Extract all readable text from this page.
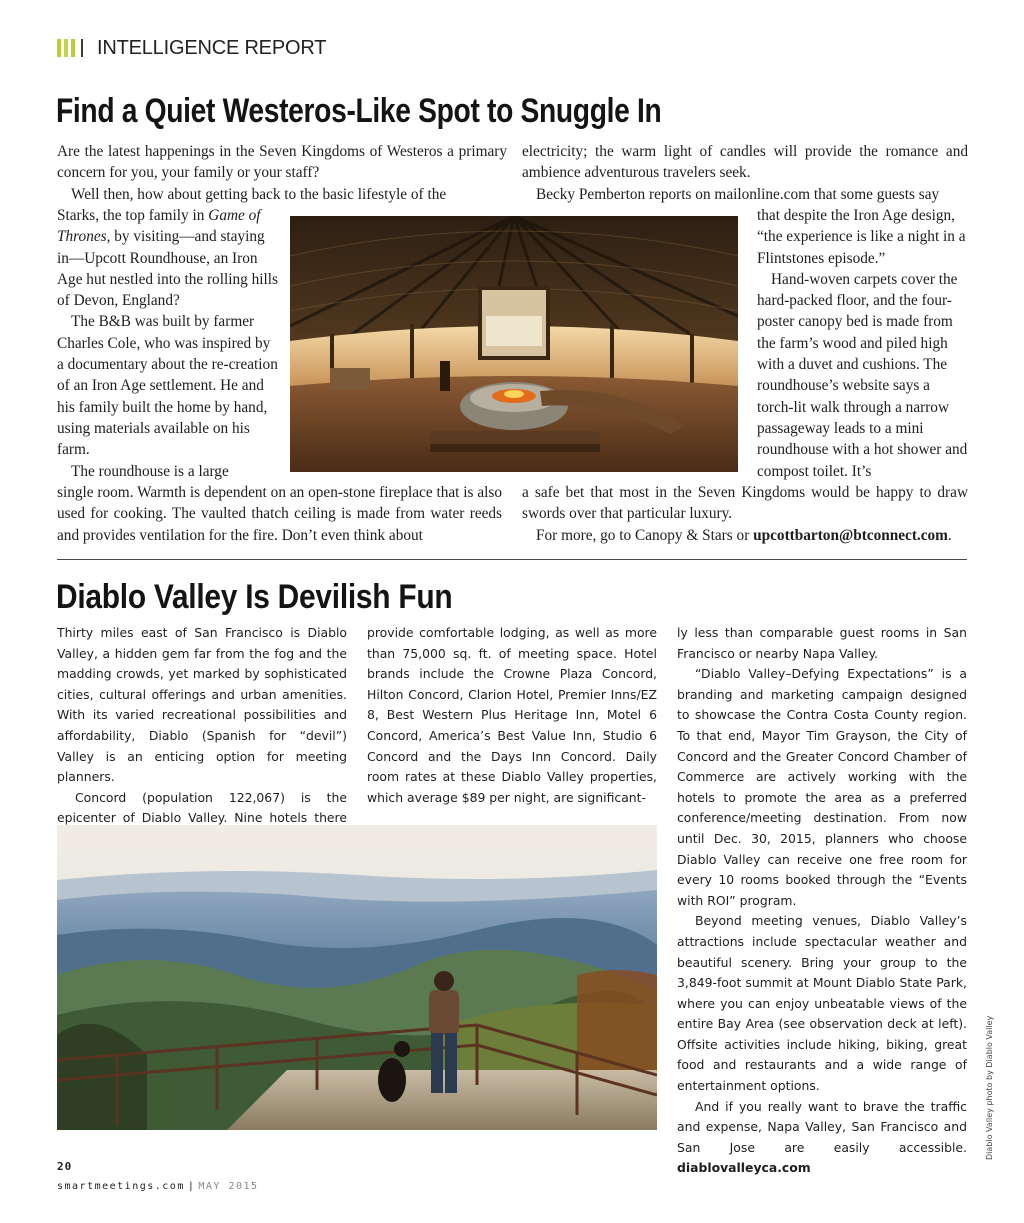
INTELLIGENCE REPORT
Find a Quiet Westeros-Like Spot to Snuggle In

Are the latest happenings in the Seven Kingdoms of Westeros a primary concern for you, your family or your staff?

Well then, how about getting back to the basic lifestyle of the

Starks, the top family in Game of Thrones, by visiting—and staying in—Upcott Roundhouse, an Iron Age hut nestled into the rolling hills of Devon, England?

The B&B was built by farmer Charles Cole, who was inspired by a documentary about the re-creation of an Iron Age settlement. He and his family built the home by hand, using materials available on his farm.

The roundhouse is a large

single room. Warmth is dependent on an open-stone fireplace that is also used for cooking. The vaulted thatch ceiling is made from water reeds and provides ventilation for the fire. Don’t even think about

electricity; the warm light of candles will provide the romance and ambience adventurous travelers seek.

Becky Pemberton reports on mailonline.com that some guests say

that despite the Iron Age design, “the experience is like a night in a Flintstones episode.”

Hand-woven carpets cover the hard-packed floor, and the four-poster canopy bed is made from the farm’s wood and piled high with a duvet and cushions. The roundhouse’s website says a torch-lit walk through a narrow passageway leads to a mini roundhouse with a hot shower and compost toilet. It’s

a safe bet that most in the Seven Kingdoms would be happy to draw swords over that particular luxury.

For more, go to Canopy & Stars or upcottbarton@btconnect.com.

Diablo Valley Is Devilish Fun

Thirty miles east of San Francisco is Diablo Valley, a hidden gem far from the fog and the madding crowds, yet marked by sophisticated cities, cultural offerings and urban amenities. With its varied recreational possibilities and affordability, Diablo (Spanish for “devil”) Valley is an enticing option for meeting planners.

Concord (population 122,067) is the epicenter of Diablo Valley. Nine hotels there

provide comfortable lodging, as well as more than 75,000 sq. ft. of meeting space. Hotel brands include the Crowne Plaza Concord, Hilton Concord, Clarion Hotel, Premier Inns/EZ 8, Best Western Plus Heritage Inn, Motel 6 Concord, America’s Best Value Inn, Studio 6 Concord and the Days Inn Concord. Daily room rates at these Diablo Valley properties, which average $89 per night, are significant-

ly less than comparable guest rooms in San Francisco or nearby Napa Valley.

“Diablo Valley–Defying Expectations” is a branding and marketing campaign designed to showcase the Contra Costa County region. To that end, Mayor Tim Grayson, the City of Concord and the Greater Concord Chamber of Commerce are actively working with the hotels to promote the area as a preferred conference/meeting destination. From now until Dec. 30, 2015, planners who choose Diablo Valley can receive one free room for every 10 rooms booked through the “Events with ROI” program.

Beyond meeting venues, Diablo Valley’s attractions include spectacular weather and beautiful scenery. Bring your group to the 3,849-foot summit at Mount Diablo State Park, where you can enjoy unbeatable views of the entire Bay Area (see observation deck at left). Offsite activities include hiking, biking, great food and restaurants and a wide range of entertainment options.

And if you really want to brave the traffic and expense, Napa Valley, San Francisco and San Jose are easily accessible. diablovalleyca.com

Diablo Valley photo by Diablo Valley
20
smartmeetings.com | MAY 2015
